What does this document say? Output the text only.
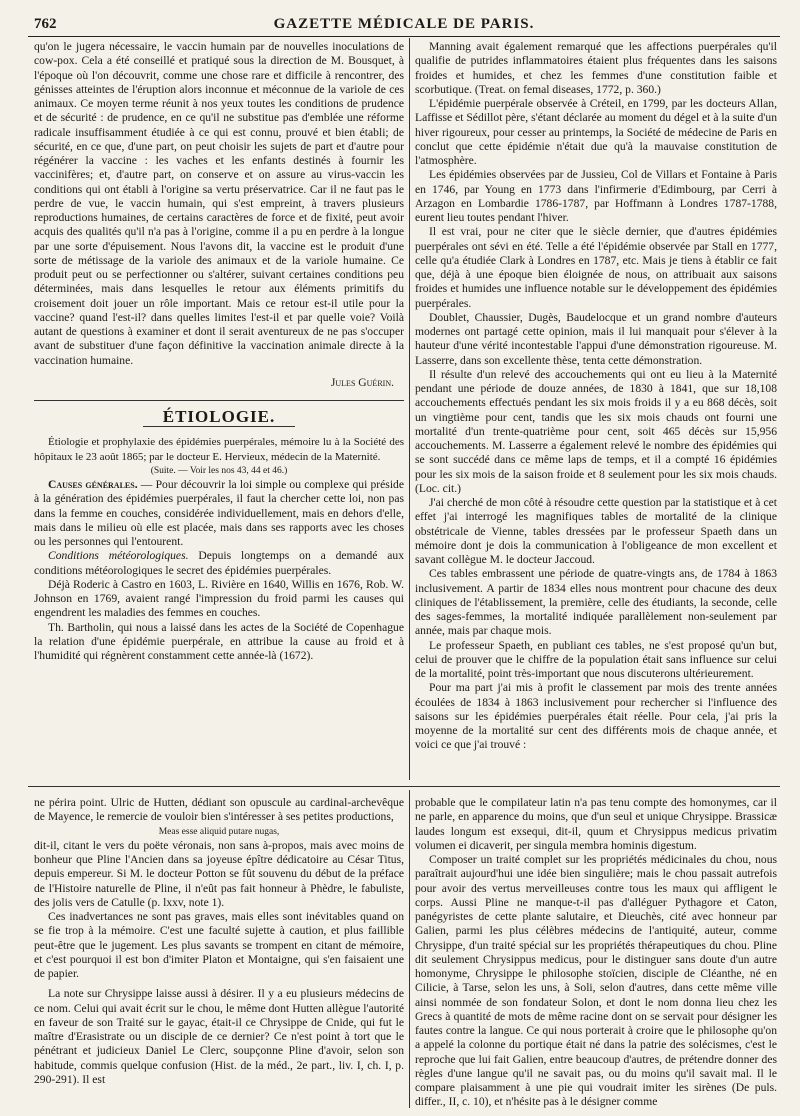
762	GAZETTE MÉDICALE DE PARIS.

qu'on le jugera nécessaire, le vaccin humain par de nouvelles inoculations de cow-pox. Cela a été conseillé et pratiqué sous la direction de M. Bousquet, à l'époque où l'on découvrit, comme une chose rare et difficile à rencontrer, des génisses atteintes de l'éruption alors inconnue et méconnue de la variole de ces animaux. Ce moyen terme réunit à nos yeux toutes les conditions de prudence et de sécurité : de prudence, en ce qu'il ne substitue pas d'emblée une réforme radicale insuffisamment étudiée à ce qui est connu, prouvé et bien établi; de sécurité, en ce que, d'une part, on peut choisir les sujets de part et d'autre pour régénérer la vaccine : les vaches et les enfants destinés à fournir les vaccinifères; et, d'autre part, on conserve et on assure au virus-vaccin les conditions qui ont établi à l'origine sa vertu préservatrice. Car il ne faut pas le perdre de vue, le vaccin humain, qui s'est empreint, à travers plusieurs reproductions humaines, de certains caractères de force et de fixité, peut avoir acquis des qualités qu'il n'a pas à l'origine, comme il a pu en perdre à la longue par une sorte d'épuisement. Nous l'avons dit, la vaccine est le produit d'une sorte de métissage de la variole des animaux et de la variole humaine. Ce produit peut ou se perfectionner ou s'altérer, suivant certaines conditions peu déterminées, mais dans lesquelles le retour aux éléments primitifs du croisement doit jouer un rôle important. Mais ce retour est-il utile pour la vaccine? quand l'est-il? dans quelles limites l'est-il et par quelle voie? Voilà autant de questions à examiner et dont il serait aventureux de ne pas s'occuper avant de substituer d'une façon définitive la vaccination animale directe à la vaccination humaine.

Jules Guérin.

Manning avait également remarqué que les affections puerpérales qu'il qualifie de putrides inflammatoires étaient plus fréquentes dans les saisons froides et humides, et chez les femmes d'une constitution faible et scorbutique. (Treat. on femal diseases, 1772, p. 360.)

L'épidémie puerpérale observée à Créteil, en 1799, par les docteurs Allan, Laffisse et Sédillot père, s'étant déclarée au moment du dégel et à la suite d'un hiver rigoureux, pour cesser au printemps, la Société de médecine de Paris en conclut que cette épidémie n'était due qu'à la mauvaise constitution de l'atmosphère.

Les épidémies observées par de Jussieu, Col de Villars et Fontaine à Paris en 1746, par Young en 1773 dans l'infirmerie d'Edimbourg, par Cerri à Arzagon en Lombardie 1786-1787, par Hoffmann à Londres 1787-1788, eurent lieu toutes pendant l'hiver.

Il est vrai, pour ne citer que le siècle dernier, que d'autres épidémies puerpérales ont sévi en été. Telle a été l'épidémie observée par Stall en 1777, celle qu'a étudiée Clark à Londres en 1787, etc. Mais je tiens à établir ce fait que, déjà à une époque bien éloignée de nous, on attribuait aux saisons froides et humides une influence notable sur le développement des épidémies puerpérales.

Doublet, Chaussier, Dugès, Baudelocque et un grand nombre d'auteurs modernes ont partagé cette opinion, mais il lui manquait pour s'élever à la hauteur d'une vérité incontestable l'appui d'une démonstration rigoureuse. M. Lasserre, dans son excellente thèse, tenta cette démonstration.

Il résulte d'un relevé des accouchements qui ont eu lieu à la Maternité pendant une période de douze années, de 1830 à 1841, que sur 18,108 accouchements effectués pendant les six mois froids il y a eu 868 décès, soit un vingtième pour cent, tandis que les six mois chauds ont fourni une mortalité d'un trente-quatrième pour cent, soit 465 décès sur 15,956 accouchements. M. Lasserre a également relevé le nombre des épidémies qui se sont succédé dans ce même laps de temps, et il a compté 16 épidémies pour les six mois de la saison froide et 8 seulement pour les six mois chauds. (Loc. cit.)

J'ai cherché de mon côté à résoudre cette question par la statistique et à cet effet j'ai interrogé les magnifiques tables de mortalité de la clinique obstétricale de Vienne, tables dressées par le professeur Spaeth dans un mémoire dont je dois la communication à l'obligeance de mon excellent et savant collègue M. le docteur Jaccoud.

Ces tables embrassent une période de quatre-vingts ans, de 1784 à 1863 inclusivement. A partir de 1834 elles nous montrent pour chacune des deux cliniques de l'établissement, la première, celle des étudiants, la seconde, celle des sages-femmes, la mortalité indiquée parallèlement non-seulement par année, mais par chaque mois.

Le professeur Spaeth, en publiant ces tables, ne s'est proposé qu'un but, celui de prouver que le chiffre de la population était sans influence sur celui de la mortalité, point très-important que nous discuterons ultérieurement.

Pour ma part j'ai mis à profit le classement par mois des trente années écoulées de 1834 à 1863 inclusivement pour rechercher si l'influence des saisons sur les épidémies puerpérales était réelle. Pour cela, j'ai pris la moyenne de la mortalité sur cent des différents mois de chaque année, et voici ce que j'ai trouvé :

ÉTIOLOGIE.

Étiologie et prophylaxie des épidémies puerpérales, mémoire lu à la Société des hôpitaux le 23 août 1865; par le docteur E. Hervieux, médecin de la Maternité.

(Suite. — Voir les nos 43, 44 et 46.)

Causes générales. — Pour découvrir la loi simple ou complexe qui préside à la génération des épidémies puerpérales, il faut la chercher cette loi, non pas dans la femme en couches, considérée individuellement, mais en dehors d'elle, mais dans le milieu où elle est placée, mais dans ses rapports avec les choses ou les personnes qui l'entourent.

Conditions météorologiques. Depuis longtemps on a demandé aux conditions météorologiques le secret des épidémies puerpérales.

Déjà Roderic à Castro en 1603, L. Rivière en 1640, Willis en 1676, Rob. W. Johnson en 1769, avaient rangé l'impression du froid parmi les causes qui engendrent les maladies des femmes en couches.

Th. Bartholin, qui nous a laissé dans les actes de la Société de Copenhague la relation d'une épidémie puerpérale, en attribue la cause au froid et à l'humidité qui régnèrent constamment cette année-là (1672).

ne périra point. Ulric de Hutten, dédiant son opuscule au cardinal-archevêque de Mayence, le remercie de vouloir bien s'intéresser à ses petites productions,

Meas esse aliquid putare nugas,

dit-il, citant le vers du poëte véronais, non sans à-propos, mais avec moins de bonheur que Pline l'Ancien dans sa joyeuse épître dédicatoire au César Titus, depuis empereur. Si M. le docteur Potton se fût souvenu du début de la préface de l'Histoire naturelle de Pline, il n'eût pas fait honneur à Phèdre, le fabuliste, des jolis vers de Catulle (p. lxxv, note 1).

Ces inadvertances ne sont pas graves, mais elles sont inévitables quand on se fie trop à la mémoire. C'est une faculté sujette à caution, et plus faillible peut-être que le jugement. Les plus savants se trompent en citant de mémoire, et c'est pourquoi il est bon d'imiter Platon et Montaigne, qui s'en faisaient une de papier.

La note sur Chrysippe laisse aussi à désirer. Il y a eu plusieurs médecins de ce nom. Celui qui avait écrit sur le chou, le même dont Hutten allègue l'autorité en faveur de son Traité sur le gayac, était-il ce Chrysippe de Cnide, qui fut le maître d'Erasistrate ou un disciple de ce dernier? Ce n'est point à tort que le pénétrant et judicieux Daniel Le Clerc, soupçonne Pline d'avoir, selon son habitude, commis quelque confusion (Hist. de la méd., 2e part., liv. I, ch. I, p. 290-291). Il est

probable que le compilateur latin n'a pas tenu compte des homonymes, car il ne parle, en apparence du moins, que d'un seul et unique Chrysippe. Brassicæ laudes longum est exsequi, dit-il, quum et Chrysippus medicus privatim volumen ei dicaverit, per singula membra hominis digestum.

Composer un traité complet sur les propriétés médicinales du chou, nous paraîtrait aujourd'hui une idée bien singulière; mais le chou passait autrefois pour avoir des vertus merveilleuses contre tous les maux qui affligent le corps. Aussi Pline ne manque-t-il pas d'alléguer Pythagore et Caton, panégyristes de cette plante salutaire, et Dieuchès, cité avec honneur par Galien, parmi les plus célèbres médecins de l'antiquité, auteur, comme Chrysippe, d'un traité spécial sur les propriétés thérapeutiques du chou. Pline dit seulement Chrysippus medicus, pour le distinguer sans doute d'un autre homonyme, Chrysippe le philosophe stoïcien, disciple de Cléanthe, né en Cilicie, à Tarse, selon les uns, à Soli, selon d'autres, dans cette même ville ainsi nommée de son fondateur Solon, et dont le nom donna lieu chez les Grecs à quantité de mots de même racine dont on se servait pour désigner les fautes contre la langue. Ce qui nous porterait à croire que le philosophe qu'on a appelé la colonne du portique était né dans la patrie des solécismes, c'est le reproche que lui fait Galien, entre beaucoup d'autres, de prétendre donner des règles d'une langue qu'il ne savait pas, ou du moins qu'il savait mal. Il le compare plaisamment à une pie qui voudrait imiter les sirènes (De puls. differ., II, c. 10), et n'hésite pas à le désigner comme
